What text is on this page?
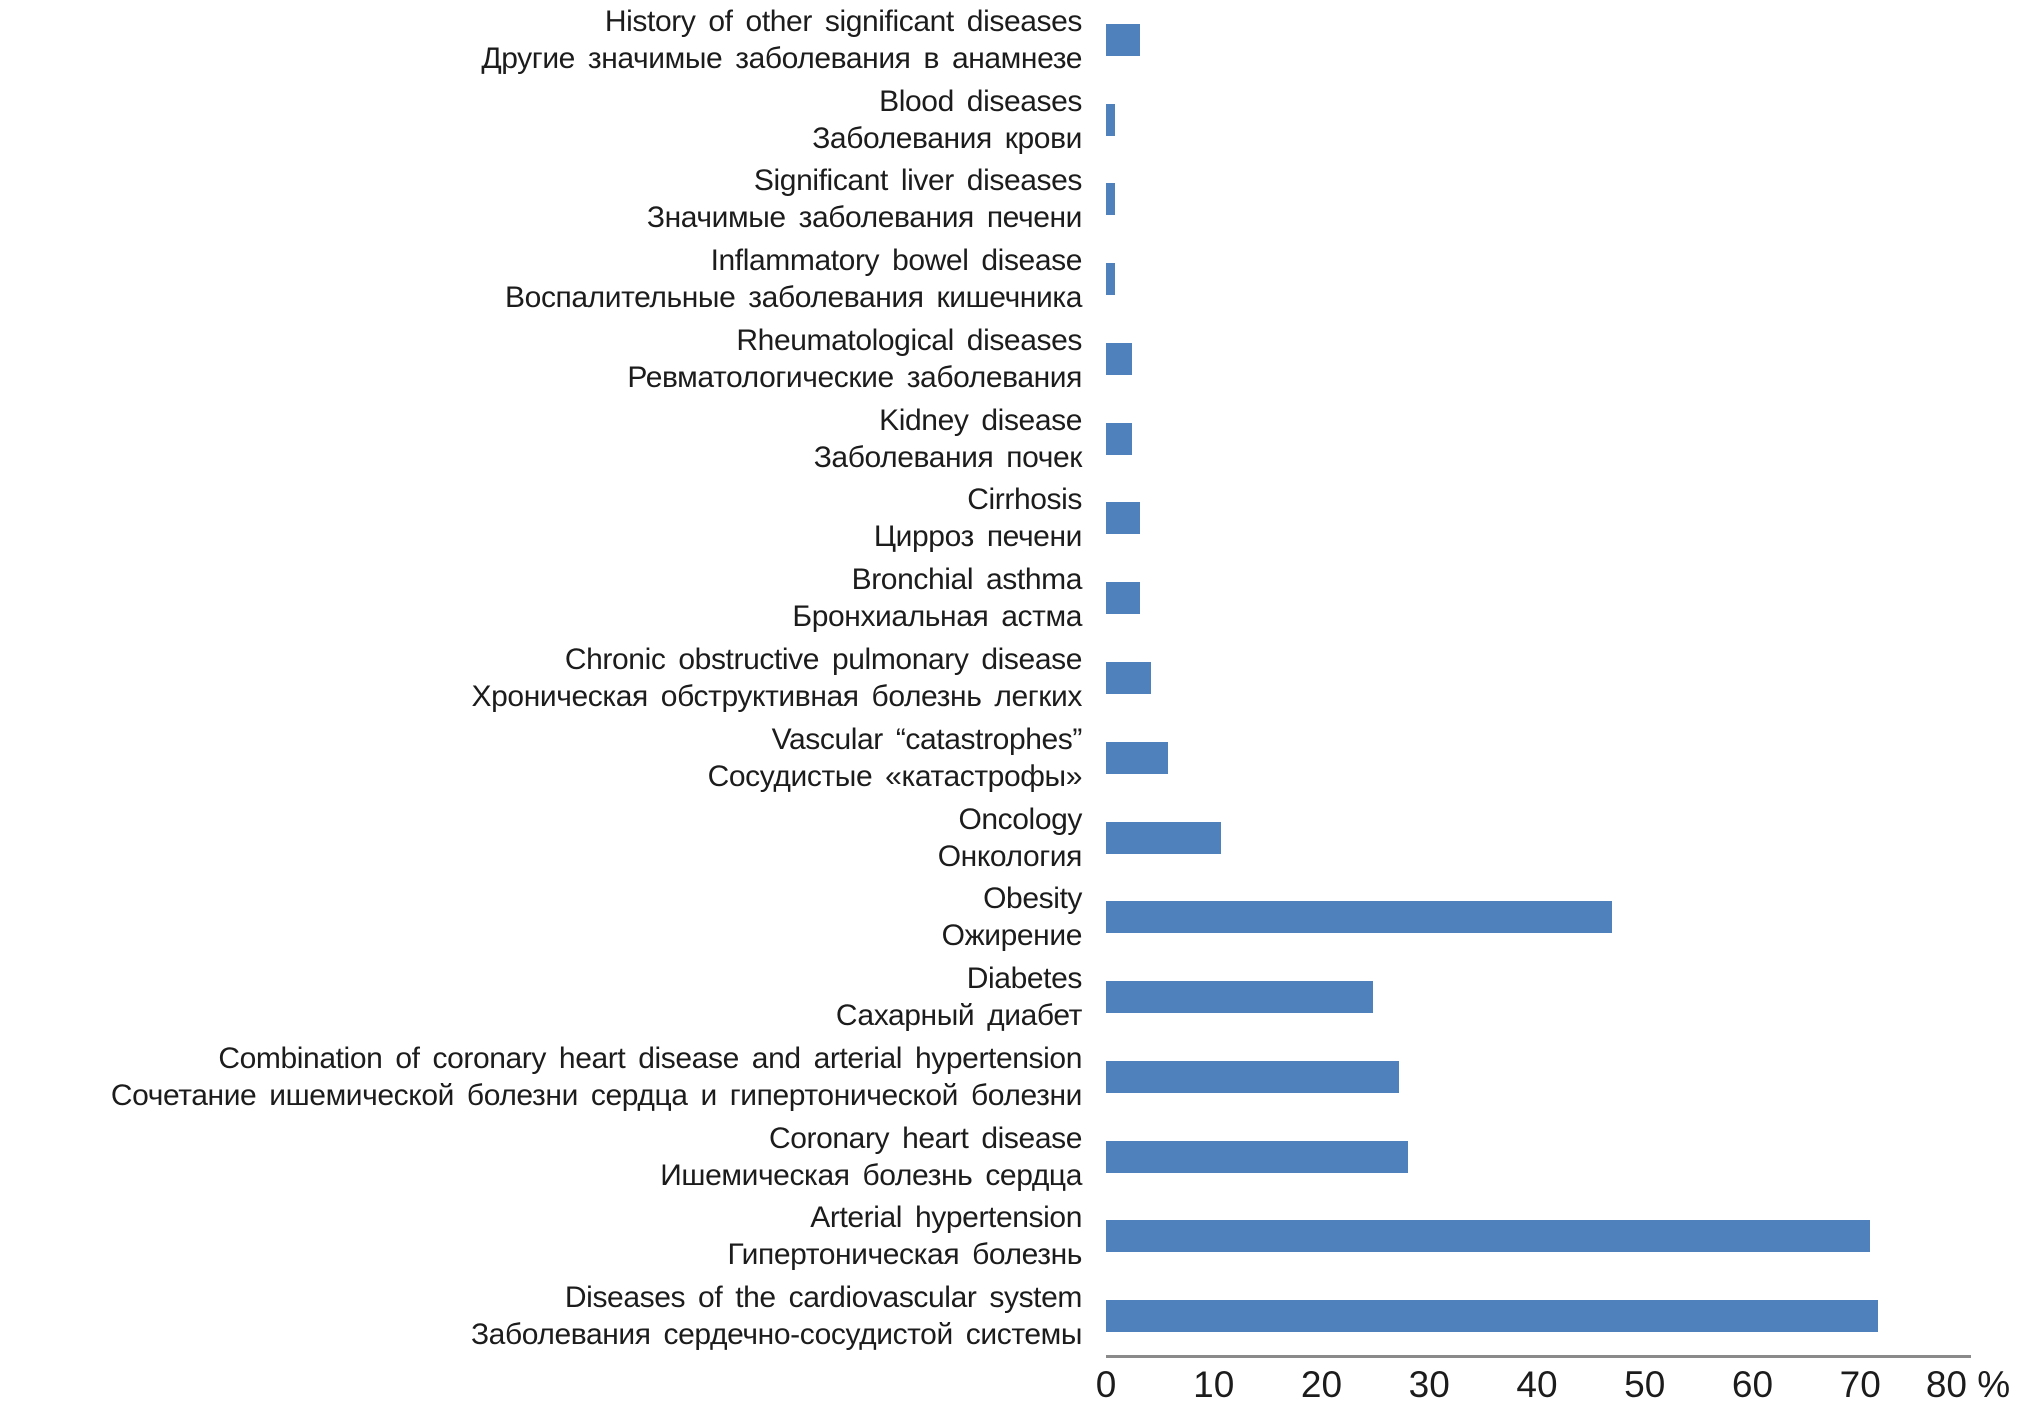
History of other significant diseases
Другие значимые заболевания в анамнезе
Blood diseases
Заболевания крови
Significant liver diseases
Значимые заболевания печени
Inflammatory bowel disease
Воспалительные заболевания кишечника
Rheumatological diseases
Ревматологические заболевания
Kidney disease
Заболевания почек
Cirrhosis
Цирроз печени
Bronchial asthma
Бронхиальная астма
Chronic obstructive pulmonary disease
Хроническая обструктивная болезнь легких
Vascular “catastrophes”
Сосудистые «катастрофы»
Oncology
Онкология
Obesity
Ожирение
Diabetes
Сахарный диабет
Combination of coronary heart disease and arterial hypertension
Сочетание ишемической болезни сердца и гипертонической болезни
Coronary heart disease
Ишемическая болезнь сердца
Arterial hypertension
Гипертоническая болезнь
Diseases of the cardiovascular system
Заболевания сердечно-сосудистой системы
0 10 20 30 40 50 60 70 80 %
